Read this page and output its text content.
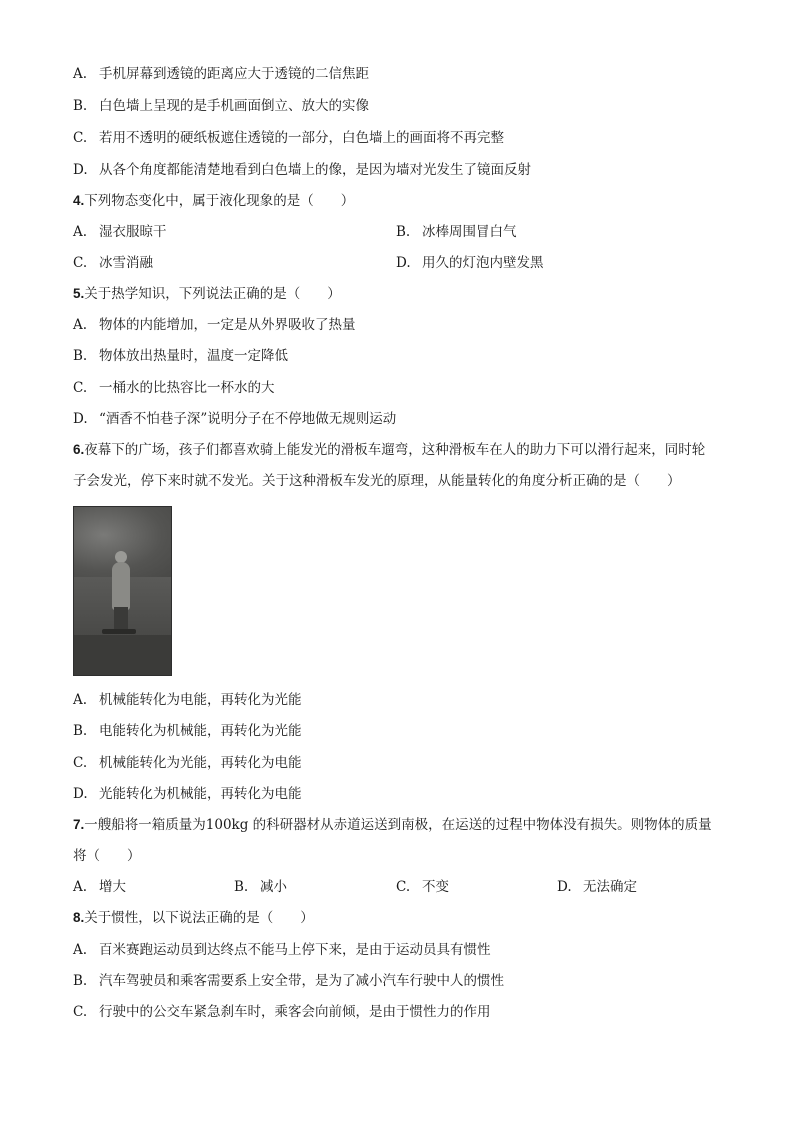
A. 手机屏幕到透镜的距离应大于透镜的二信焦距
B. 白色墙上呈现的是手机画面倒立、放大的实像
C. 若用不透明的硬纸板遮住透镜的一部分，白色墙上的画面将不再完整
D. 从各个角度都能清楚地看到白色墙上的像，是因为墙对光发生了镜面反射
4.下列物态变化中，属于液化现象的是（　　）
A. 湿衣服晾干	B. 冰棒周围冒白气
C. 冰雪消融	D. 用久的灯泡内壁发黑
5.关于热学知识，下列说法正确的是（　　）
A. 物体的内能增加，一定是从外界吸收了热量
B. 物体放出热量时，温度一定降低
C. 一桶水的比热容比一杯水的大
D. “酒香不怕巷子深”说明分子在不停地做无规则运动
6.夜幕下的广场，孩子们都喜欢骑上能发光的滑板车遛弯，这种滑板车在人的助力下可以滑行起来，同时轮
子会发光，停下来时就不发光。关于这种滑板车发光的原理，从能量转化的角度分析正确的是（　　）
A. 机械能转化为电能，再转化为光能
B. 电能转化为机械能，再转化为光能
C. 机械能转化为光能，再转化为电能
D. 光能转化为机械能，再转化为电能
7.一艘船将一箱质量为100kg 的科研器材从赤道运送到南极，在运送的过程中物体没有损失。则物体的质量
将（　　）
A. 增大	B. 减小	C. 不变	D. 无法确定
8.关于惯性，以下说法正确的是（　　）
A. 百米赛跑运动员到达终点不能马上停下来，是由于运动员具有惯性
B. 汽车驾驶员和乘客需要系上安全带，是为了减小汽车行驶中人的惯性
C. 行驶中的公交车紧急刹车时，乘客会向前倾，是由于惯性力的作用
